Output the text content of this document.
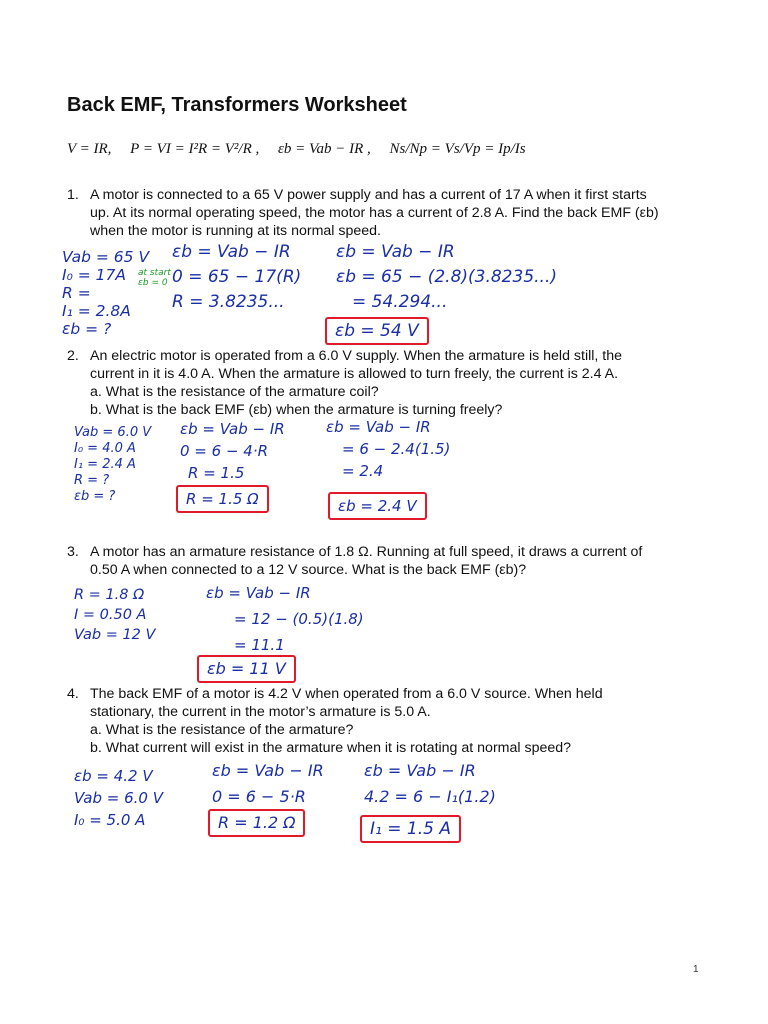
Back EMF, Transformers Worksheet
V = IR, P = VI = I²R = V²/R , εb = Vab − IR , Ns/Np = Vs/Vp = Ip/Is
1. A motor is connected to a 65 V power supply and has a current of 17 A when it first starts
up. At its normal operating speed, the motor has a current of 2.8 A. Find the back EMF (εb)
when the motor is running at its normal speed.
Vab = 65 V
I₀ = 17A
R =
I₁ = 2.8A
εb = ?
at start
εb = 0
εb = Vab − IR
0 = 65 − 17(R)
R = 3.8235...
εb = Vab − IR
εb = 65 − (2.8)(3.8235...)
= 54.294...
εb = 54 V
2. An electric motor is operated from a 6.0 V supply. When the armature is held still, the
current in it is 4.0 A. When the armature is allowed to turn freely, the current is 2.4 A.
a. What is the resistance of the armature coil?
b. What is the back EMF (εb) when the armature is turning freely?
Vab = 6.0 V
I₀ = 4.0 A
I₁ = 2.4 A
R = ?
εb = ?
εb = Vab − IR
0 = 6 − 4·R
R = 1.5
R = 1.5 Ω
εb = Vab − IR
= 6 − 2.4(1.5)
= 2.4
εb = 2.4 V
3. A motor has an armature resistance of 1.8 Ω. Running at full speed, it draws a current of
0.50 A when connected to a 12 V source. What is the back EMF (εb)?
R = 1.8 Ω
I = 0.50 A
Vab = 12 V
εb = Vab − IR
= 12 − (0.5)(1.8)
= 11.1
εb = 11 V
4. The back EMF of a motor is 4.2 V when operated from a 6.0 V source. When held
stationary, the current in the motor’s armature is 5.0 A.
a. What is the resistance of the armature?
b. What current will exist in the armature when it is rotating at normal speed?
εb = 4.2 V
Vab = 6.0 V
I₀ = 5.0 A
εb = Vab − IR
0 = 6 − 5·R
R = 1.2 Ω
εb = Vab − IR
4.2 = 6 − I₁(1.2)
I₁ = 1.5 A
1
